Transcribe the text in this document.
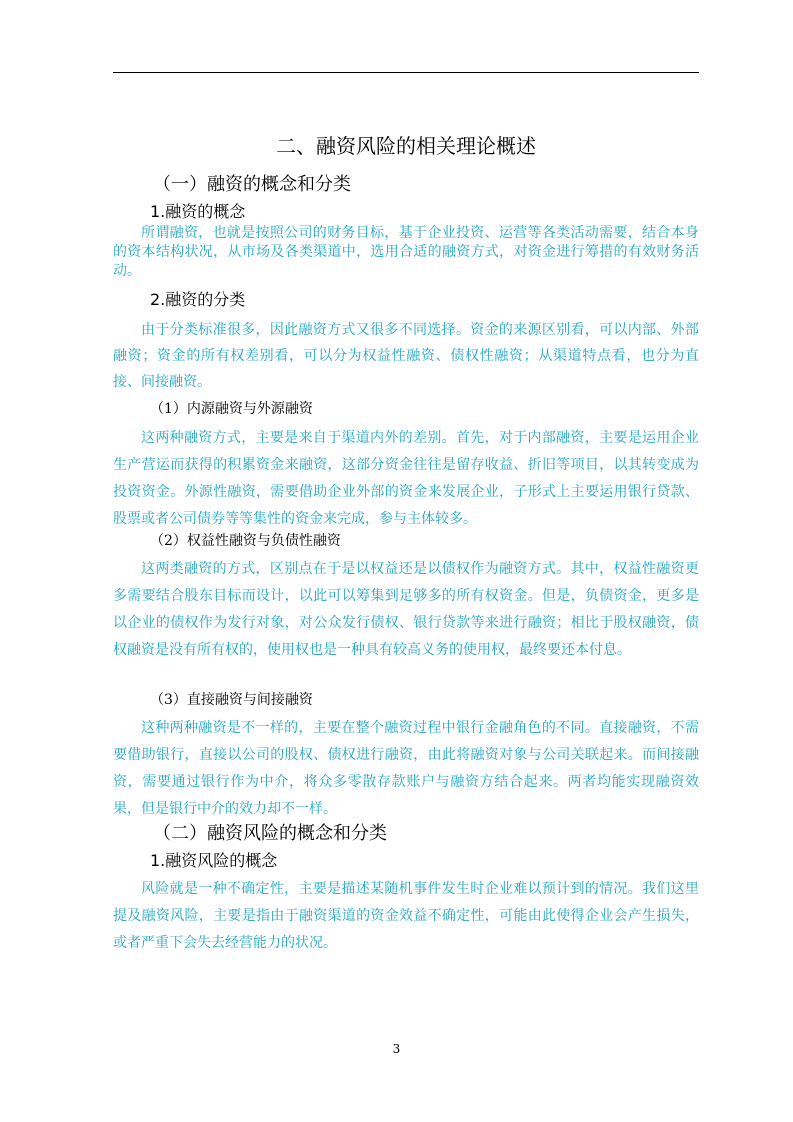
二、融资风险的相关理论概述
（一）融资的概念和分类
1.融资的概念
所谓融资，也就是按照公司的财务目标，基于企业投资、运营等各类活动需要，结合本身的资本结构状况，从市场及各类渠道中，选用合适的融资方式，对资金进行筹措的有效财务活动。
2.融资的分类
由于分类标准很多，因此融资方式又很多不同选择。资金的来源区别看，可以内部、外部融资；资金的所有权差别看，可以分为权益性融资、债权性融资；从渠道特点看，也分为直接、间接融资。
（1）内源融资与外源融资
这两种融资方式，主要是来自于渠道内外的差别。首先，对于内部融资，主要是运用企业生产营运而获得的积累资金来融资，这部分资金往往是留存收益、折旧等项目，以其转变成为投资资金。外源性融资，需要借助企业外部的资金来发展企业，子形式上主要运用银行贷款、股票或者公司债券等等集性的资金来完成，参与主体较多。
（2）权益性融资与负债性融资
这两类融资的方式，区别点在于是以权益还是以债权作为融资方式。其中，权益性融资更多需要结合股东目标而设计，以此可以筹集到足够多的所有权资金。但是，负债资金，更多是以企业的债权作为发行对象，对公众发行债权、银行贷款等来进行融资；相比于股权融资，债权融资是没有所有权的，使用权也是一种具有较高义务的使用权，最终要还本付息。
（3）直接融资与间接融资
这种两种融资是不一样的，主要在整个融资过程中银行金融角色的不同。直接融资，不需要借助银行，直接以公司的股权、债权进行融资，由此将融资对象与公司关联起来。而间接融资，需要通过银行作为中介，将众多零散存款账户与融资方结合起来。两者均能实现融资效果，但是银行中介的效力却不一样。
（二）融资风险的概念和分类
1.融资风险的概念
风险就是一种不确定性，主要是描述某随机事件发生时企业难以预计到的情况。我们这里提及融资风险，主要是指由于融资渠道的资金效益不确定性，可能由此使得企业会产生损失，或者严重下会失去经营能力的状况。
3
